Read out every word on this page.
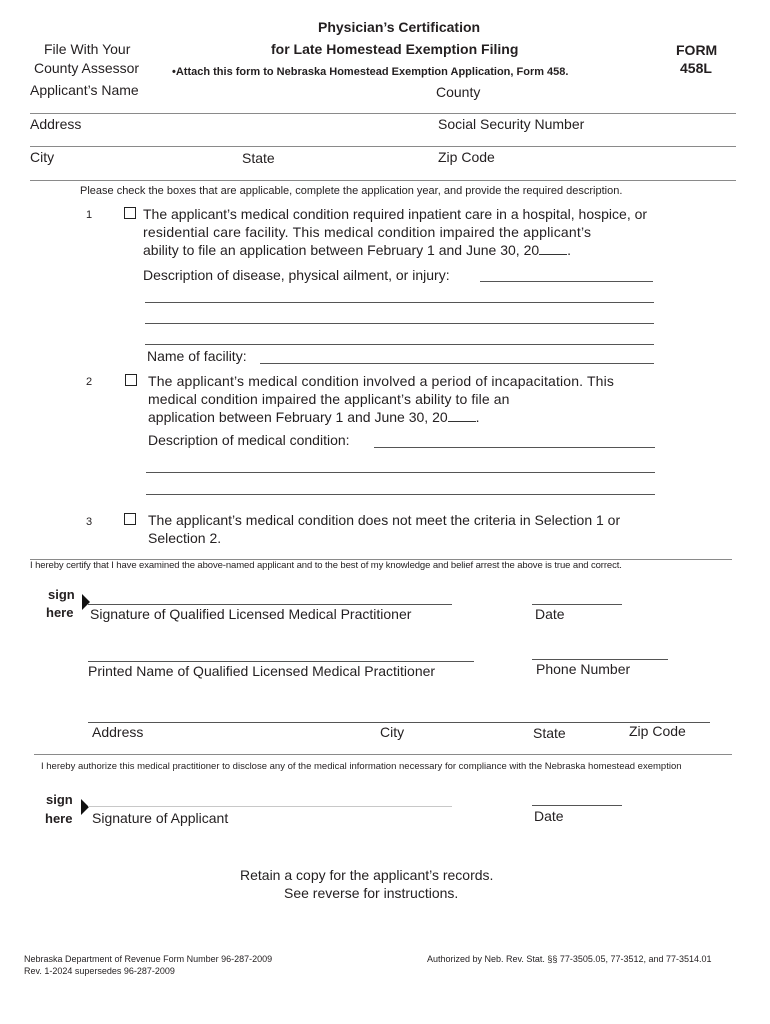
File With Your
County Assessor
Physician’s Certification
for Late Homestead Exemption Filing
•Attach this form to Nebraska Homestead Exemption Application, Form 458.
FORM
458L
Applicant’s Name	County
Address	Social Security Number
City	State	Zip Code
Please check the boxes that are applicable, complete the application year, and provide the required description.
1	The applicant’s medical condition required inpatient care in a hospital, hospice, or
residential care facility. This medical condition impaired the applicant’s
ability to file an application between February 1 and June 30, 20 .
Description of disease, physical ailment, or injury:
Name of facility:
2	The applicant’s medical condition involved a period of incapacitation. This
medical condition impaired the applicant’s ability to file an
application between February 1 and June 30, 20 .
Description of medical condition:
3	The applicant’s medical condition does not meet the criteria in Selection 1 or
Selection 2.
I hereby certify that I have examined the above-named applicant and to the best of my knowledge and belief arrest the above is true and correct.
sign
here Signature of Qualified Licensed Medical Practitioner	Date
Printed Name of Qualified Licensed Medical Practitioner	Phone Number
Address	City	State	Zip Code
I hereby authorize this medical practitioner to disclose any of the medical information necessary for compliance with the Nebraska homestead exemption
sign
here Signature of Applicant	Date
Retain a copy for the applicant’s records.
See reverse for instructions.
Nebraska Department of Revenue Form Number 96-287-2009
Rev. 1-2024 supersedes 96-287-2009
Authorized by Neb. Rev. Stat. §§ 77-3505.05, 77-3512, and 77-3514.01
